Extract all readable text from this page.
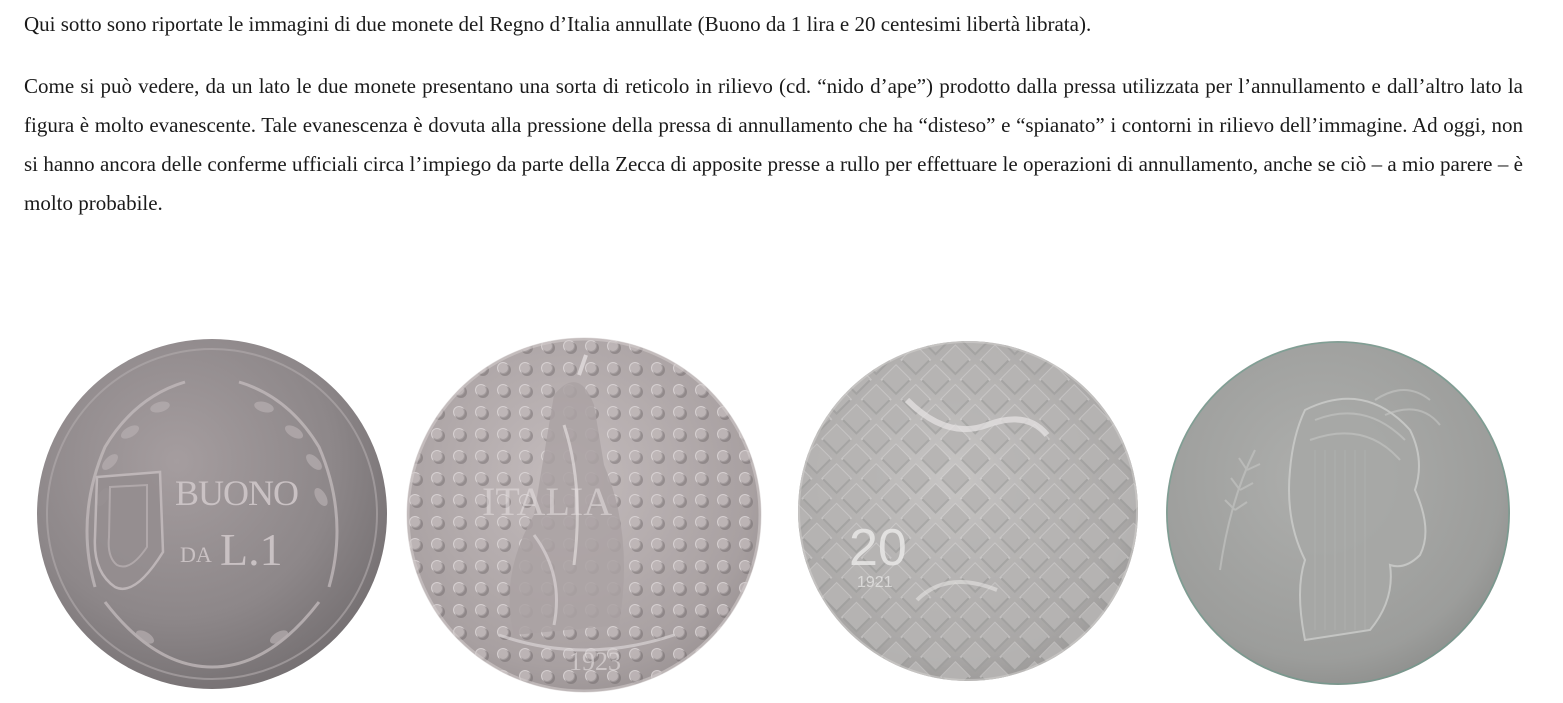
Qui sotto sono riportate le immagini di due monete del Regno d’Italia annullate (Buono da 1 lira e 20 centesimi libertà librata).

Come si può vedere, da un lato le due monete presentano una sorta di reticolo in rilievo (cd. “nido d’ape”) prodotto dalla pressa utilizzata per l’annullamento e dall’altro lato la figura è molto evanescente. Tale evanescenza è dovuta alla pressione della pressa di annullamento che ha “disteso” e “spianato” i contorni in rilievo dell’immagine. Ad oggi, non si hanno ancora delle conferme ufficiali circa l’impiego da parte della Zecca di apposite presse a rullo per effettuare le operazioni di annullamento, anche se ciò – a mio parere – è molto probabile.

BUONO
DA L.1
ITALIA
1923
20
1921
